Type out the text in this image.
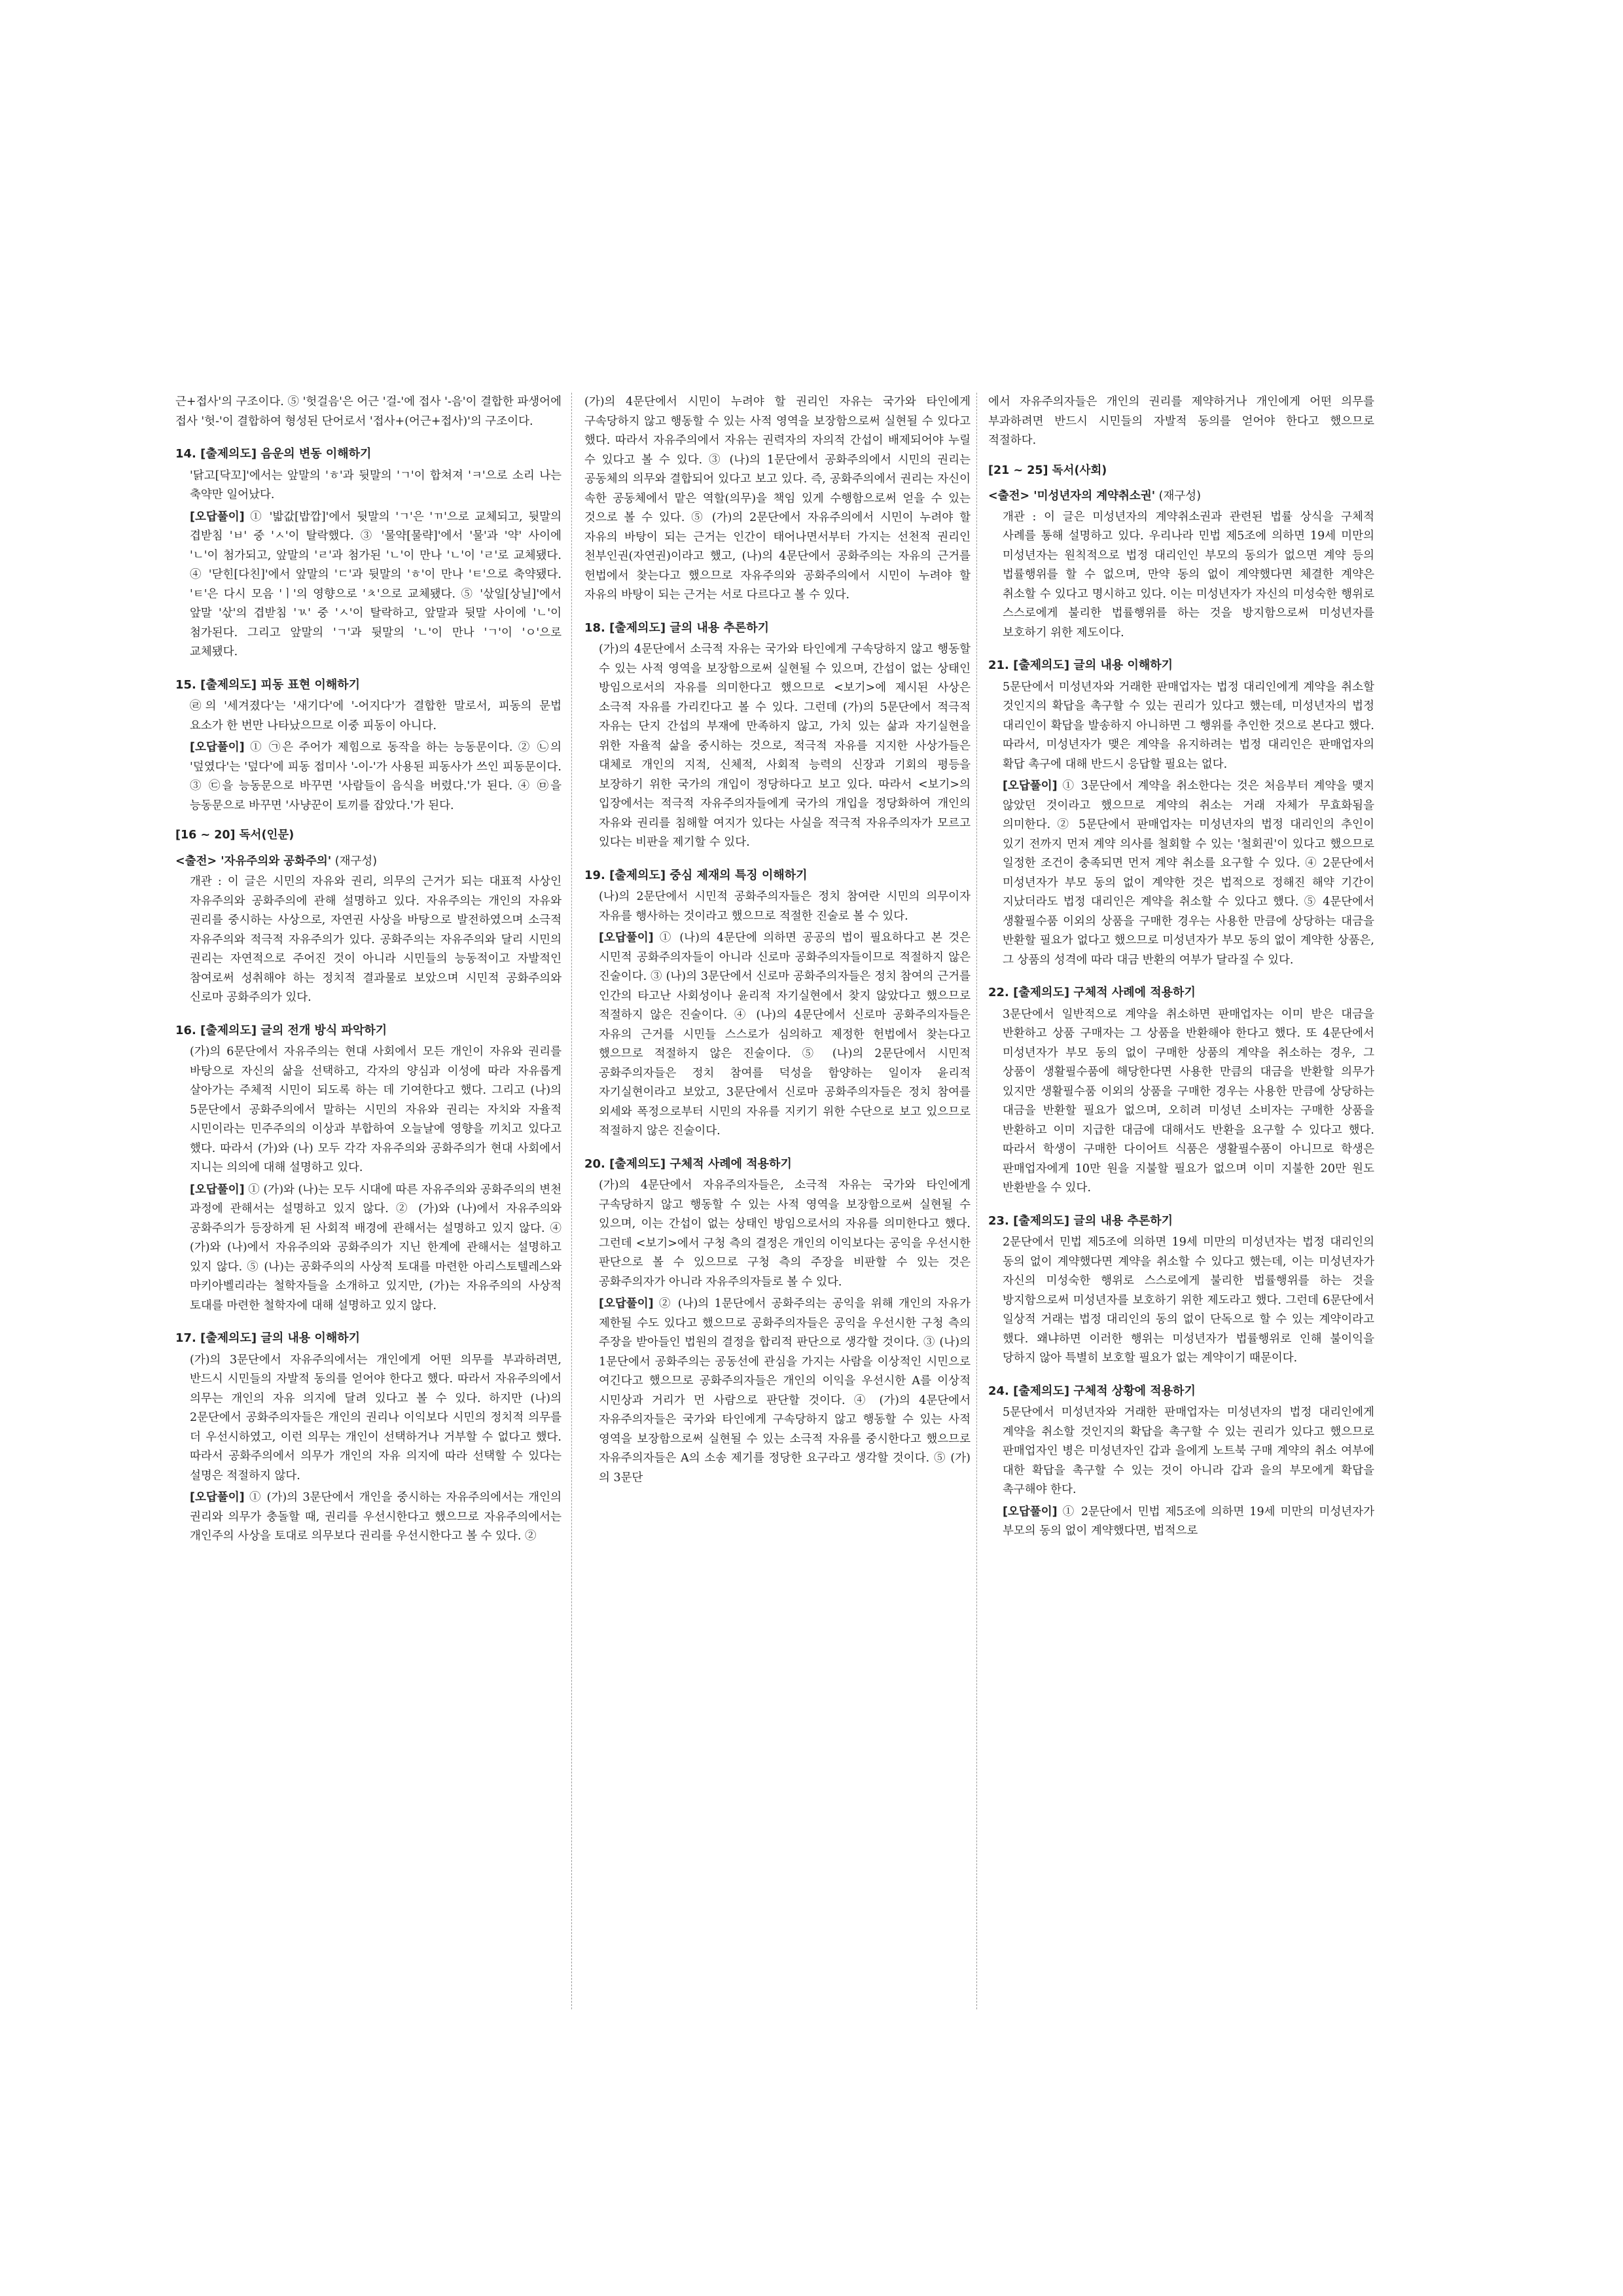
근+접사'의 구조이다. ⑤ '헛걸음'은 어근 '걸-'에 접사 '-음'이 결합한 파생어에 접사 '헛-'이 결합하여 형성된 단어로서 '접사+(어근+접사)'의 구조이다.

14. [출제의도] 음운의 변동 이해하기

'닭고[닥꼬]'에서는 앞말의 'ㅎ'과 뒷말의 'ㄱ'이 합쳐져 'ㅋ'으로 소리 나는 축약만 일어났다.

[오답풀이] ① '밟값[밥깝]'에서 뒷말의 'ㄱ'은 'ㄲ'으로 교체되고, 뒷말의 겹받침 'ㅂ' 중 'ㅅ'이 탈락했다. ③ '물약[물략]'에서 '물'과 '약' 사이에 'ㄴ'이 첨가되고, 앞말의 'ㄹ'과 첨가된 'ㄴ'이 만나 'ㄴ'이 'ㄹ'로 교체됐다. ④ '닫힌[다친]'에서 앞말의 'ㄷ'과 뒷말의 'ㅎ'이 만나 'ㅌ'으로 축약됐다. 'ㅌ'은 다시 모음 'ㅣ'의 영향으로 'ㅊ'으로 교체됐다. ⑤ '삯일[상닐]'에서 앞말 '삯'의 겹받침 'ㄳ' 중 'ㅅ'이 탈락하고, 앞말과 뒷말 사이에 'ㄴ'이 첨가된다. 그리고 앞말의 'ㄱ'과 뒷말의 'ㄴ'이 만나 'ㄱ'이 'ㅇ'으로 교체됐다.

15. [출제의도] 피동 표현 이해하기

㉣의 '세겨졌다'는 '새기다'에 '-어지다'가 결합한 말로서, 피동의 문법 요소가 한 번만 나타났으므로 이중 피동이 아니다.

[오답풀이] ① ㉠은 주어가 제힘으로 동작을 하는 능동문이다. ② ㉡의 '덮였다'는 '덮다'에 피동 접미사 '-이-'가 사용된 피동사가 쓰인 피동문이다. ③ ㉢을 능동문으로 바꾸면 '사람들이 음식을 버렸다.'가 된다. ④ ㉤을 능동문으로 바꾸면 '사냥꾼이 토끼를 잡았다.'가 된다.

[16 ~ 20] 독서(인문)
<출전> '자유주의와 공화주의' (재구성)

개관 : 이 글은 시민의 자유와 권리, 의무의 근거가 되는 대표적 사상인 자유주의와 공화주의에 관해 설명하고 있다. 자유주의는 개인의 자유와 권리를 중시하는 사상으로, 자연권 사상을 바탕으로 발전하였으며 소극적 자유주의와 적극적 자유주의가 있다. 공화주의는 자유주의와 달리 시민의 권리는 자연적으로 주어진 것이 아니라 시민들의 능동적이고 자발적인 참여로써 성취해야 하는 정치적 결과물로 보았으며 시민적 공화주의와 신로마 공화주의가 있다.

16. [출제의도] 글의 전개 방식 파악하기

(가)의 6문단에서 자유주의는 현대 사회에서 모든 개인이 자유와 권리를 바탕으로 자신의 삶을 선택하고, 각자의 양심과 이성에 따라 자유롭게 살아가는 주체적 시민이 되도록 하는 데 기여한다고 했다. 그리고 (나)의 5문단에서 공화주의에서 말하는 시민의 자유와 권리는 자치와 자율적 시민이라는 민주주의의 이상과 부합하여 오늘날에 영향을 끼치고 있다고 했다. 따라서 (가)와 (나) 모두 각각 자유주의와 공화주의가 현대 사회에서 지니는 의의에 대해 설명하고 있다.

[오답풀이] ① (가)와 (나)는 모두 시대에 따른 자유주의와 공화주의의 변천 과정에 관해서는 설명하고 있지 않다. ② (가)와 (나)에서 자유주의와 공화주의가 등장하게 된 사회적 배경에 관해서는 설명하고 있지 않다. ④ (가)와 (나)에서 자유주의와 공화주의가 지닌 한계에 관해서는 설명하고 있지 않다. ⑤ (나)는 공화주의의 사상적 토대를 마련한 아리스토텔레스와 마키아벨리라는 철학자들을 소개하고 있지만, (가)는 자유주의의 사상적 토대를 마련한 철학자에 대해 설명하고 있지 않다.

17. [출제의도] 글의 내용 이해하기

(가)의 3문단에서 자유주의에서는 개인에게 어떤 의무를 부과하려면, 반드시 시민들의 자발적 동의를 얻어야 한다고 했다. 따라서 자유주의에서 의무는 개인의 자유 의지에 달려 있다고 볼 수 있다. 하지만 (나)의 2문단에서 공화주의자들은 개인의 권리나 이익보다 시민의 정치적 의무를 더 우선시하였고, 이런 의무는 개인이 선택하거나 거부할 수 없다고 했다. 따라서 공화주의에서 의무가 개인의 자유 의지에 따라 선택할 수 있다는 설명은 적절하지 않다.

[오답풀이] ① (가)의 3문단에서 개인을 중시하는 자유주의에서는 개인의 권리와 의무가 충돌할 때, 권리를 우선시한다고 했으므로 자유주의에서는 개인주의 사상을 토대로 의무보다 권리를 우선시한다고 볼 수 있다. ②

(가)의 4문단에서 시민이 누려야 할 권리인 자유는 국가와 타인에게 구속당하지 않고 행동할 수 있는 사적 영역을 보장함으로써 실현될 수 있다고 했다. 따라서 자유주의에서 자유는 권력자의 자의적 간섭이 배제되어야 누릴 수 있다고 볼 수 있다. ③ (나)의 1문단에서 공화주의에서 시민의 권리는 공동체의 의무와 결합되어 있다고 보고 있다. 즉, 공화주의에서 권리는 자신이 속한 공동체에서 맡은 역할(의무)을 책임 있게 수행함으로써 얻을 수 있는 것으로 볼 수 있다. ⑤ (가)의 2문단에서 자유주의에서 시민이 누려야 할 자유의 바탕이 되는 근거는 인간이 태어나면서부터 가지는 선천적 권리인 천부인권(자연권)이라고 했고, (나)의 4문단에서 공화주의는 자유의 근거를 헌법에서 찾는다고 했으므로 자유주의와 공화주의에서 시민이 누려야 할 자유의 바탕이 되는 근거는 서로 다르다고 볼 수 있다.

18. [출제의도] 글의 내용 추론하기

(가)의 4문단에서 소극적 자유는 국가와 타인에게 구속당하지 않고 행동할 수 있는 사적 영역을 보장함으로써 실현될 수 있으며, 간섭이 없는 상태인 방임으로서의 자유를 의미한다고 했으므로 <보기>에 제시된 사상은 소극적 자유를 가리킨다고 볼 수 있다. 그런데 (가)의 5문단에서 적극적 자유는 단지 간섭의 부재에 만족하지 않고, 가치 있는 삶과 자기실현을 위한 자율적 삶을 중시하는 것으로, 적극적 자유를 지지한 사상가들은 대체로 개인의 지적, 신체적, 사회적 능력의 신장과 기회의 평등을 보장하기 위한 국가의 개입이 정당하다고 보고 있다. 따라서 <보기>의 입장에서는 적극적 자유주의자들에게 국가의 개입을 정당화하여 개인의 자유와 권리를 침해할 여지가 있다는 사실을 적극적 자유주의자가 모르고 있다는 비판을 제기할 수 있다.

19. [출제의도] 중심 제재의 특징 이해하기

(나)의 2문단에서 시민적 공화주의자들은 정치 참여란 시민의 의무이자 자유를 행사하는 것이라고 했으므로 적절한 진술로 볼 수 있다.

[오답풀이] ① (나)의 4문단에 의하면 공공의 법이 필요하다고 본 것은 시민적 공화주의자들이 아니라 신로마 공화주의자들이므로 적절하지 않은 진술이다. ③ (나)의 3문단에서 신로마 공화주의자들은 정치 참여의 근거를 인간의 타고난 사회성이나 윤리적 자기실현에서 찾지 않았다고 했으므로 적절하지 않은 진술이다. ④ (나)의 4문단에서 신로마 공화주의자들은 자유의 근거를 시민들 스스로가 심의하고 제정한 헌법에서 찾는다고 했으므로 적절하지 않은 진술이다. ⑤ (나)의 2문단에서 시민적 공화주의자들은 정치 참여를 덕성을 함양하는 일이자 윤리적 자기실현이라고 보았고, 3문단에서 신로마 공화주의자들은 정치 참여를 외세와 폭정으로부터 시민의 자유를 지키기 위한 수단으로 보고 있으므로 적절하지 않은 진술이다.

20. [출제의도] 구체적 사례에 적용하기

(가)의 4문단에서 자유주의자들은, 소극적 자유는 국가와 타인에게 구속당하지 않고 행동할 수 있는 사적 영역을 보장함으로써 실현될 수 있으며, 이는 간섭이 없는 상태인 방임으로서의 자유를 의미한다고 했다. 그런데 <보기>에서 구청 측의 결정은 개인의 이익보다는 공익을 우선시한 판단으로 볼 수 있으므로 구청 측의 주장을 비판할 수 있는 것은 공화주의자가 아니라 자유주의자들로 볼 수 있다.

[오답풀이] ② (나)의 1문단에서 공화주의는 공익을 위해 개인의 자유가 제한될 수도 있다고 했으므로 공화주의자들은 공익을 우선시한 구청 측의 주장을 받아들인 법원의 결정을 합리적 판단으로 생각할 것이다. ③ (나)의 1문단에서 공화주의는 공동선에 관심을 가지는 사람을 이상적인 시민으로 여긴다고 했으므로 공화주의자들은 개인의 이익을 우선시한 A를 이상적 시민상과 거리가 먼 사람으로 판단할 것이다. ④ (가)의 4문단에서 자유주의자들은 국가와 타인에게 구속당하지 않고 행동할 수 있는 사적 영역을 보장함으로써 실현될 수 있는 소극적 자유를 중시한다고 했으므로 자유주의자들은 A의 소송 제기를 정당한 요구라고 생각할 것이다. ⑤ (가)의 3문단

에서 자유주의자들은 개인의 권리를 제약하거나 개인에게 어떤 의무를 부과하려면 반드시 시민들의 자발적 동의를 얻어야 한다고 했으므로 적절하다.

[21 ~ 25] 독서(사회)
<출전> '미성년자의 계약취소권' (재구성)

개관 : 이 글은 미성년자의 계약취소권과 관련된 법률 상식을 구체적 사례를 통해 설명하고 있다. 우리나라 민법 제5조에 의하면 19세 미만의 미성년자는 원칙적으로 법정 대리인인 부모의 동의가 없으면 계약 등의 법률행위를 할 수 없으며, 만약 동의 없이 계약했다면 체결한 계약은 취소할 수 있다고 명시하고 있다. 이는 미성년자가 자신의 미성숙한 행위로 스스로에게 불리한 법률행위를 하는 것을 방지함으로써 미성년자를 보호하기 위한 제도이다.

21. [출제의도] 글의 내용 이해하기

5문단에서 미성년자와 거래한 판매업자는 법정 대리인에게 계약을 취소할 것인지의 확답을 촉구할 수 있는 권리가 있다고 했는데, 미성년자의 법정 대리인이 확답을 발송하지 아니하면 그 행위를 추인한 것으로 본다고 했다. 따라서, 미성년자가 맺은 계약을 유지하려는 법정 대리인은 판매업자의 확답 촉구에 대해 반드시 응답할 필요는 없다.

[오답풀이] ① 3문단에서 계약을 취소한다는 것은 처음부터 계약을 맺지 않았던 것이라고 했으므로 계약의 취소는 거래 자체가 무효화됨을 의미한다. ② 5문단에서 판매업자는 미성년자의 법정 대리인의 추인이 있기 전까지 먼저 계약 의사를 철회할 수 있는 '철회권'이 있다고 했으므로 일정한 조건이 충족되면 먼저 계약 취소를 요구할 수 있다. ④ 2문단에서 미성년자가 부모 동의 없이 계약한 것은 법적으로 정해진 해약 기간이 지났더라도 법정 대리인은 계약을 취소할 수 있다고 했다. ⑤ 4문단에서 생활필수품 이외의 상품을 구매한 경우는 사용한 만큼에 상당하는 대금을 반환할 필요가 없다고 했으므로 미성년자가 부모 동의 없이 계약한 상품은, 그 상품의 성격에 따라 대금 반환의 여부가 달라질 수 있다.

22. [출제의도] 구체적 사례에 적용하기

3문단에서 일반적으로 계약을 취소하면 판매업자는 이미 받은 대금을 반환하고 상품 구매자는 그 상품을 반환해야 한다고 했다. 또 4문단에서 미성년자가 부모 동의 없이 구매한 상품의 계약을 취소하는 경우, 그 상품이 생활필수품에 해당한다면 사용한 만큼의 대금을 반환할 의무가 있지만 생활필수품 이외의 상품을 구매한 경우는 사용한 만큼에 상당하는 대금을 반환할 필요가 없으며, 오히려 미성년 소비자는 구매한 상품을 반환하고 이미 지급한 대금에 대해서도 반환을 요구할 수 있다고 했다. 따라서 학생이 구매한 다이어트 식품은 생활필수품이 아니므로 학생은 판매업자에게 10만 원을 지불할 필요가 없으며 이미 지불한 20만 원도 반환받을 수 있다.

23. [출제의도] 글의 내용 추론하기

2문단에서 민법 제5조에 의하면 19세 미만의 미성년자는 법정 대리인의 동의 없이 계약했다면 계약을 취소할 수 있다고 했는데, 이는 미성년자가 자신의 미성숙한 행위로 스스로에게 불리한 법률행위를 하는 것을 방지함으로써 미성년자를 보호하기 위한 제도라고 했다. 그런데 6문단에서 일상적 거래는 법정 대리인의 동의 없이 단독으로 할 수 있는 계약이라고 했다. 왜냐하면 이러한 행위는 미성년자가 법률행위로 인해 불이익을 당하지 않아 특별히 보호할 필요가 없는 계약이기 때문이다.

24. [출제의도] 구체적 상황에 적용하기

5문단에서 미성년자와 거래한 판매업자는 미성년자의 법정 대리인에게 계약을 취소할 것인지의 확답을 촉구할 수 있는 권리가 있다고 했으므로 판매업자인 병은 미성년자인 갑과 을에게 노트북 구매 계약의 취소 여부에 대한 확답을 촉구할 수 있는 것이 아니라 갑과 을의 부모에게 확답을 촉구해야 한다.

[오답풀이] ① 2문단에서 민법 제5조에 의하면 19세 미만의 미성년자가 부모의 동의 없이 계약했다면, 법적으로
